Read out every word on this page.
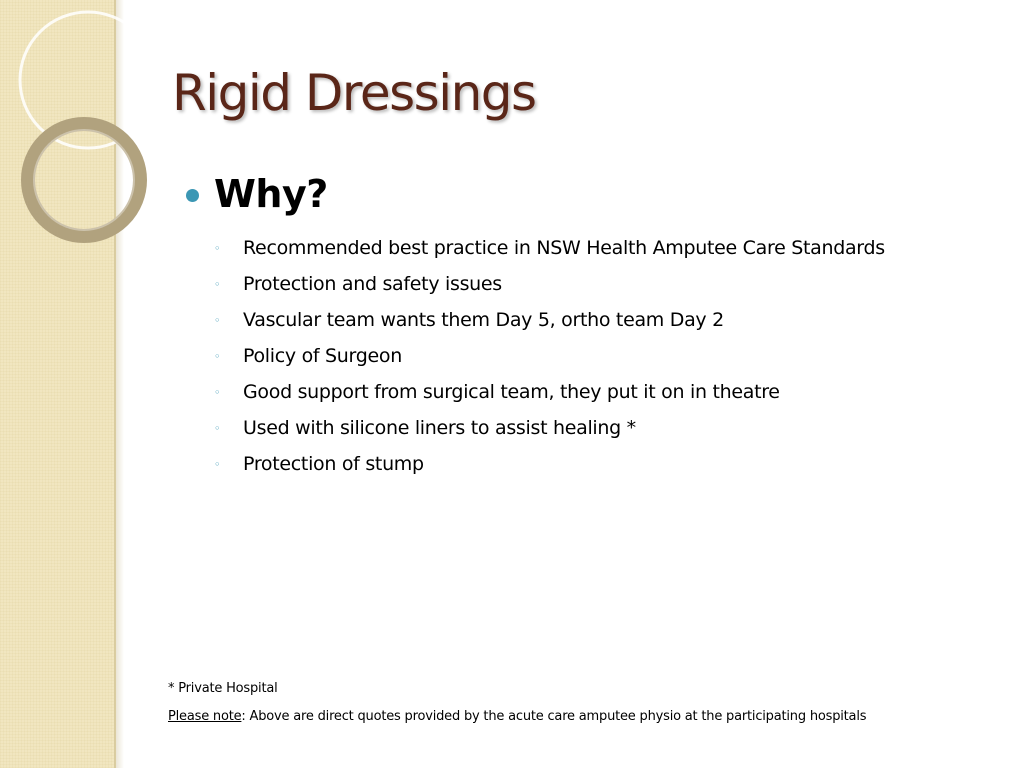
Rigid Dressings
Why?
◦	Recommended best practice in NSW Health Amputee Care Standards
◦	Protection and safety issues
◦	Vascular team wants them Day 5, ortho team Day 2
◦	Policy of Surgeon
◦	Good support from surgical team, they put it on in theatre
◦	Used with silicone liners to assist healing *
◦	Protection of stump
* Private Hospital
Please note: Above are direct quotes provided by the acute care amputee physio at the participating hospitals
